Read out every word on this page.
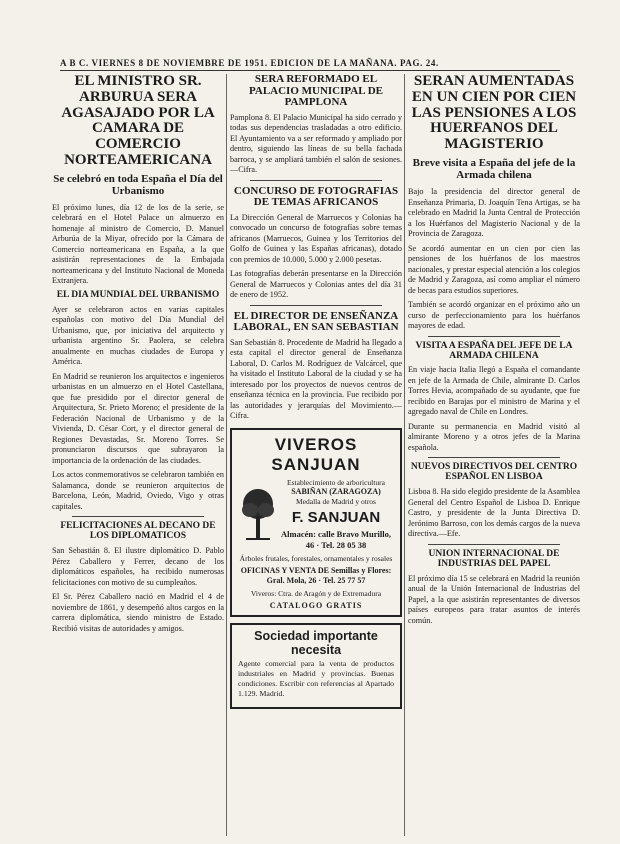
A B C. VIERNES 8 DE NOVIEMBRE DE 1951. EDICION DE LA MAÑANA. PAG. 24.
EL MINISTRO SR. ARBURUA SERA AGASAJADO POR LA CAMARA DE COMERCIO NORTEAMERICANA
Se celebró en toda España el Día del Urbanismo

El próximo lunes, día 12 de los de la serie, se celebrará en el Hotel Palace un almuerzo en homenaje al ministro de Comercio, D. Manuel Arburúa de la Miyar, ofrecido por la Cámara de Comercio norteamericana en España, a la que asistirán representaciones de la Embajada norteamericana y del Instituto Nacional de Moneda Extranjera.

EL DIA MUNDIAL DEL URBANISMO

Ayer se celebraron actos en varias capitales españolas con motivo del Día Mundial del Urbanismo, que, por iniciativa del arquitecto y urbanista argentino Sr. Paolera, se celebra anualmente en muchas ciudades de Europa y América.

En Madrid se reunieron los arquitectos e ingenieros urbanistas en un almuerzo en el Hotel Castellana, que fue presidido por el director general de Arquitectura, Sr. Prieto Moreno; el presidente de la Federación Nacional de Urbanismo y de la Vivienda, D. César Cort, y el director general de Regiones Devastadas, Sr. Moreno Torres. Se pronunciaron discursos que subrayaron la importancia de la ordenación de las ciudades.

Los actos conmemorativos se celebraron también en Salamanca, donde se reunieron arquitectos de Barcelona, León, Madrid, Oviedo, Vigo y otras capitales.

FELICITACIONES AL DECANO DE LOS DIPLOMATICOS

San Sebastián 8. El ilustre diplomático D. Pablo Pérez Caballero y Ferrer, decano de los diplomáticos españoles, ha recibido numerosas felicitaciones con motivo de su cumpleaños.

El Sr. Pérez Caballero nació en Madrid el 4 de noviembre de 1861, y desempeñó altos cargos en la carrera diplomática, siendo ministro de Estado. Recibió visitas de autoridades y amigos.

SERA REFORMADO EL PALACIO MUNICIPAL DE PAMPLONA

Pamplona 8. El Palacio Municipal ha sido cerrado y todas sus dependencias trasladadas a otro edificio. El Ayuntamiento va a ser reformado y ampliado por dentro, siguiendo las líneas de su bella fachada barroca, y se ampliará también el salón de sesiones.—Cifra.

CONCURSO DE FOTOGRAFIAS DE TEMAS AFRICANOS

La Dirección General de Marruecos y Colonias ha convocado un concurso de fotografías sobre temas africanos (Marruecos, Guinea y los Territorios del Golfo de Guinea y las Españas africanas), dotado con premios de 10.000, 5.000 y 2.000 pesetas.

Las fotografías deberán presentarse en la Dirección General de Marruecos y Colonias antes del día 31 de enero de 1952.

EL DIRECTOR DE ENSEÑANZA LABORAL, EN SAN SEBASTIAN

San Sebastián 8. Procedente de Madrid ha llegado a esta capital el director general de Enseñanza Laboral, D. Carlos M. Rodríguez de Valcárcel, que ha visitado el Instituto Laboral de la ciudad y se ha interesado por los proyectos de nuevos centros de enseñanza técnica en la provincia. Fue recibido por las autoridades y jerarquías del Movimiento.—Cifra.

VIVEROS SANJUAN
Establecimiento de arboricultura
SABIÑAN (ZARAGOZA)
Medalla de Madrid y otros
F. SANJUAN
Almacén: calle Bravo Murillo, 46 · Tel. 28 05 38
Árboles frutales, forestales, ornamentales y rosales
OFICINAS Y VENTA DE Semillas y Flores: Gral. Mola, 26 · Tel. 25 77 57
Viveros: Ctra. de Aragón y de Extremadura
CATALOGO GRATIS
Sociedad importante necesita

Agente comercial para la venta de productos industriales en Madrid y provincias. Buenas condiciones. Escribir con referencias al Apartado 1.129. Madrid.

SERAN AUMENTADAS EN UN CIEN POR CIEN LAS PENSIONES A LOS HUERFANOS DEL MAGISTERIO
Breve visita a España del jefe de la Armada chilena

Bajo la presidencia del director general de Enseñanza Primaria, D. Joaquín Tena Artigas, se ha celebrado en Madrid la Junta Central de Protección a los Huérfanos del Magisterio Nacional y de la Provincia de Zaragoza.

Se acordó aumentar en un cien por cien las pensiones de los huérfanos de los maestros nacionales, y prestar especial atención a los colegios de Madrid y Zaragoza, así como ampliar el número de becas para estudios superiores.

También se acordó organizar en el próximo año un curso de perfeccionamiento para los huérfanos mayores de edad.

VISITA A ESPAÑA DEL JEFE DE LA ARMADA CHILENA

En viaje hacia Italia llegó a España el comandante en jefe de la Armada de Chile, almirante D. Carlos Torres Hevia, acompañado de su ayudante, que fue recibido en Barajas por el ministro de Marina y el agregado naval de Chile en Londres.

Durante su permanencia en Madrid visitó al almirante Moreno y a otros jefes de la Marina española.

NUEVOS DIRECTIVOS DEL CENTRO ESPAÑOL EN LISBOA

Lisboa 8. Ha sido elegido presidente de la Asamblea General del Centro Español de Lisboa D. Enrique Castro, y presidente de la Junta Directiva D. Jerónimo Barroso, con los demás cargos de la nueva directiva.—Efe.

UNION INTERNACIONAL DE INDUSTRIAS DEL PAPEL

El próximo día 15 se celebrará en Madrid la reunión anual de la Unión Internacional de Industrias del Papel, a la que asistirán representantes de diversos países europeos para tratar asuntos de interés común.
